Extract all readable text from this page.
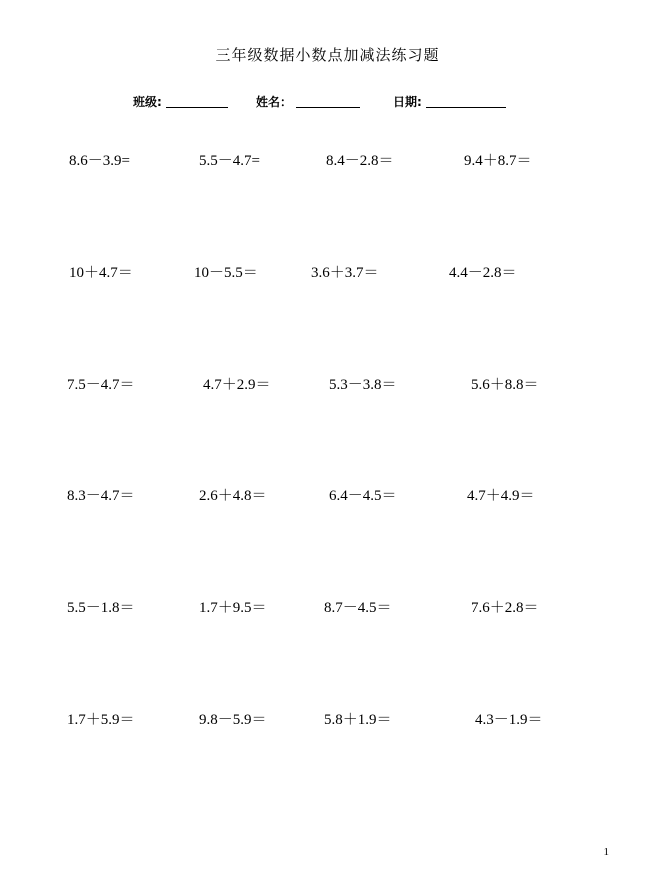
三年级数据小数点加减法练习题
班级:	姓名：	日期:
8.6－3.9=	5.5－4.7=	8.4－2.8＝	9.4＋8.7＝
10＋4.7＝	10－5.5＝	3.6＋3.7＝	4.4－2.8＝
7.5－4.7＝	4.7＋2.9＝	5.3－3.8＝	5.6＋8.8＝
8.3－4.7＝	2.6＋4.8＝	6.4－4.5＝	4.7＋4.9＝
5.5－1.8＝	1.7＋9.5＝	8.7－4.5＝	7.6＋2.8＝
1.7＋5.9＝	9.8－5.9＝	5.8＋1.9＝	4.3－1.9＝
1
